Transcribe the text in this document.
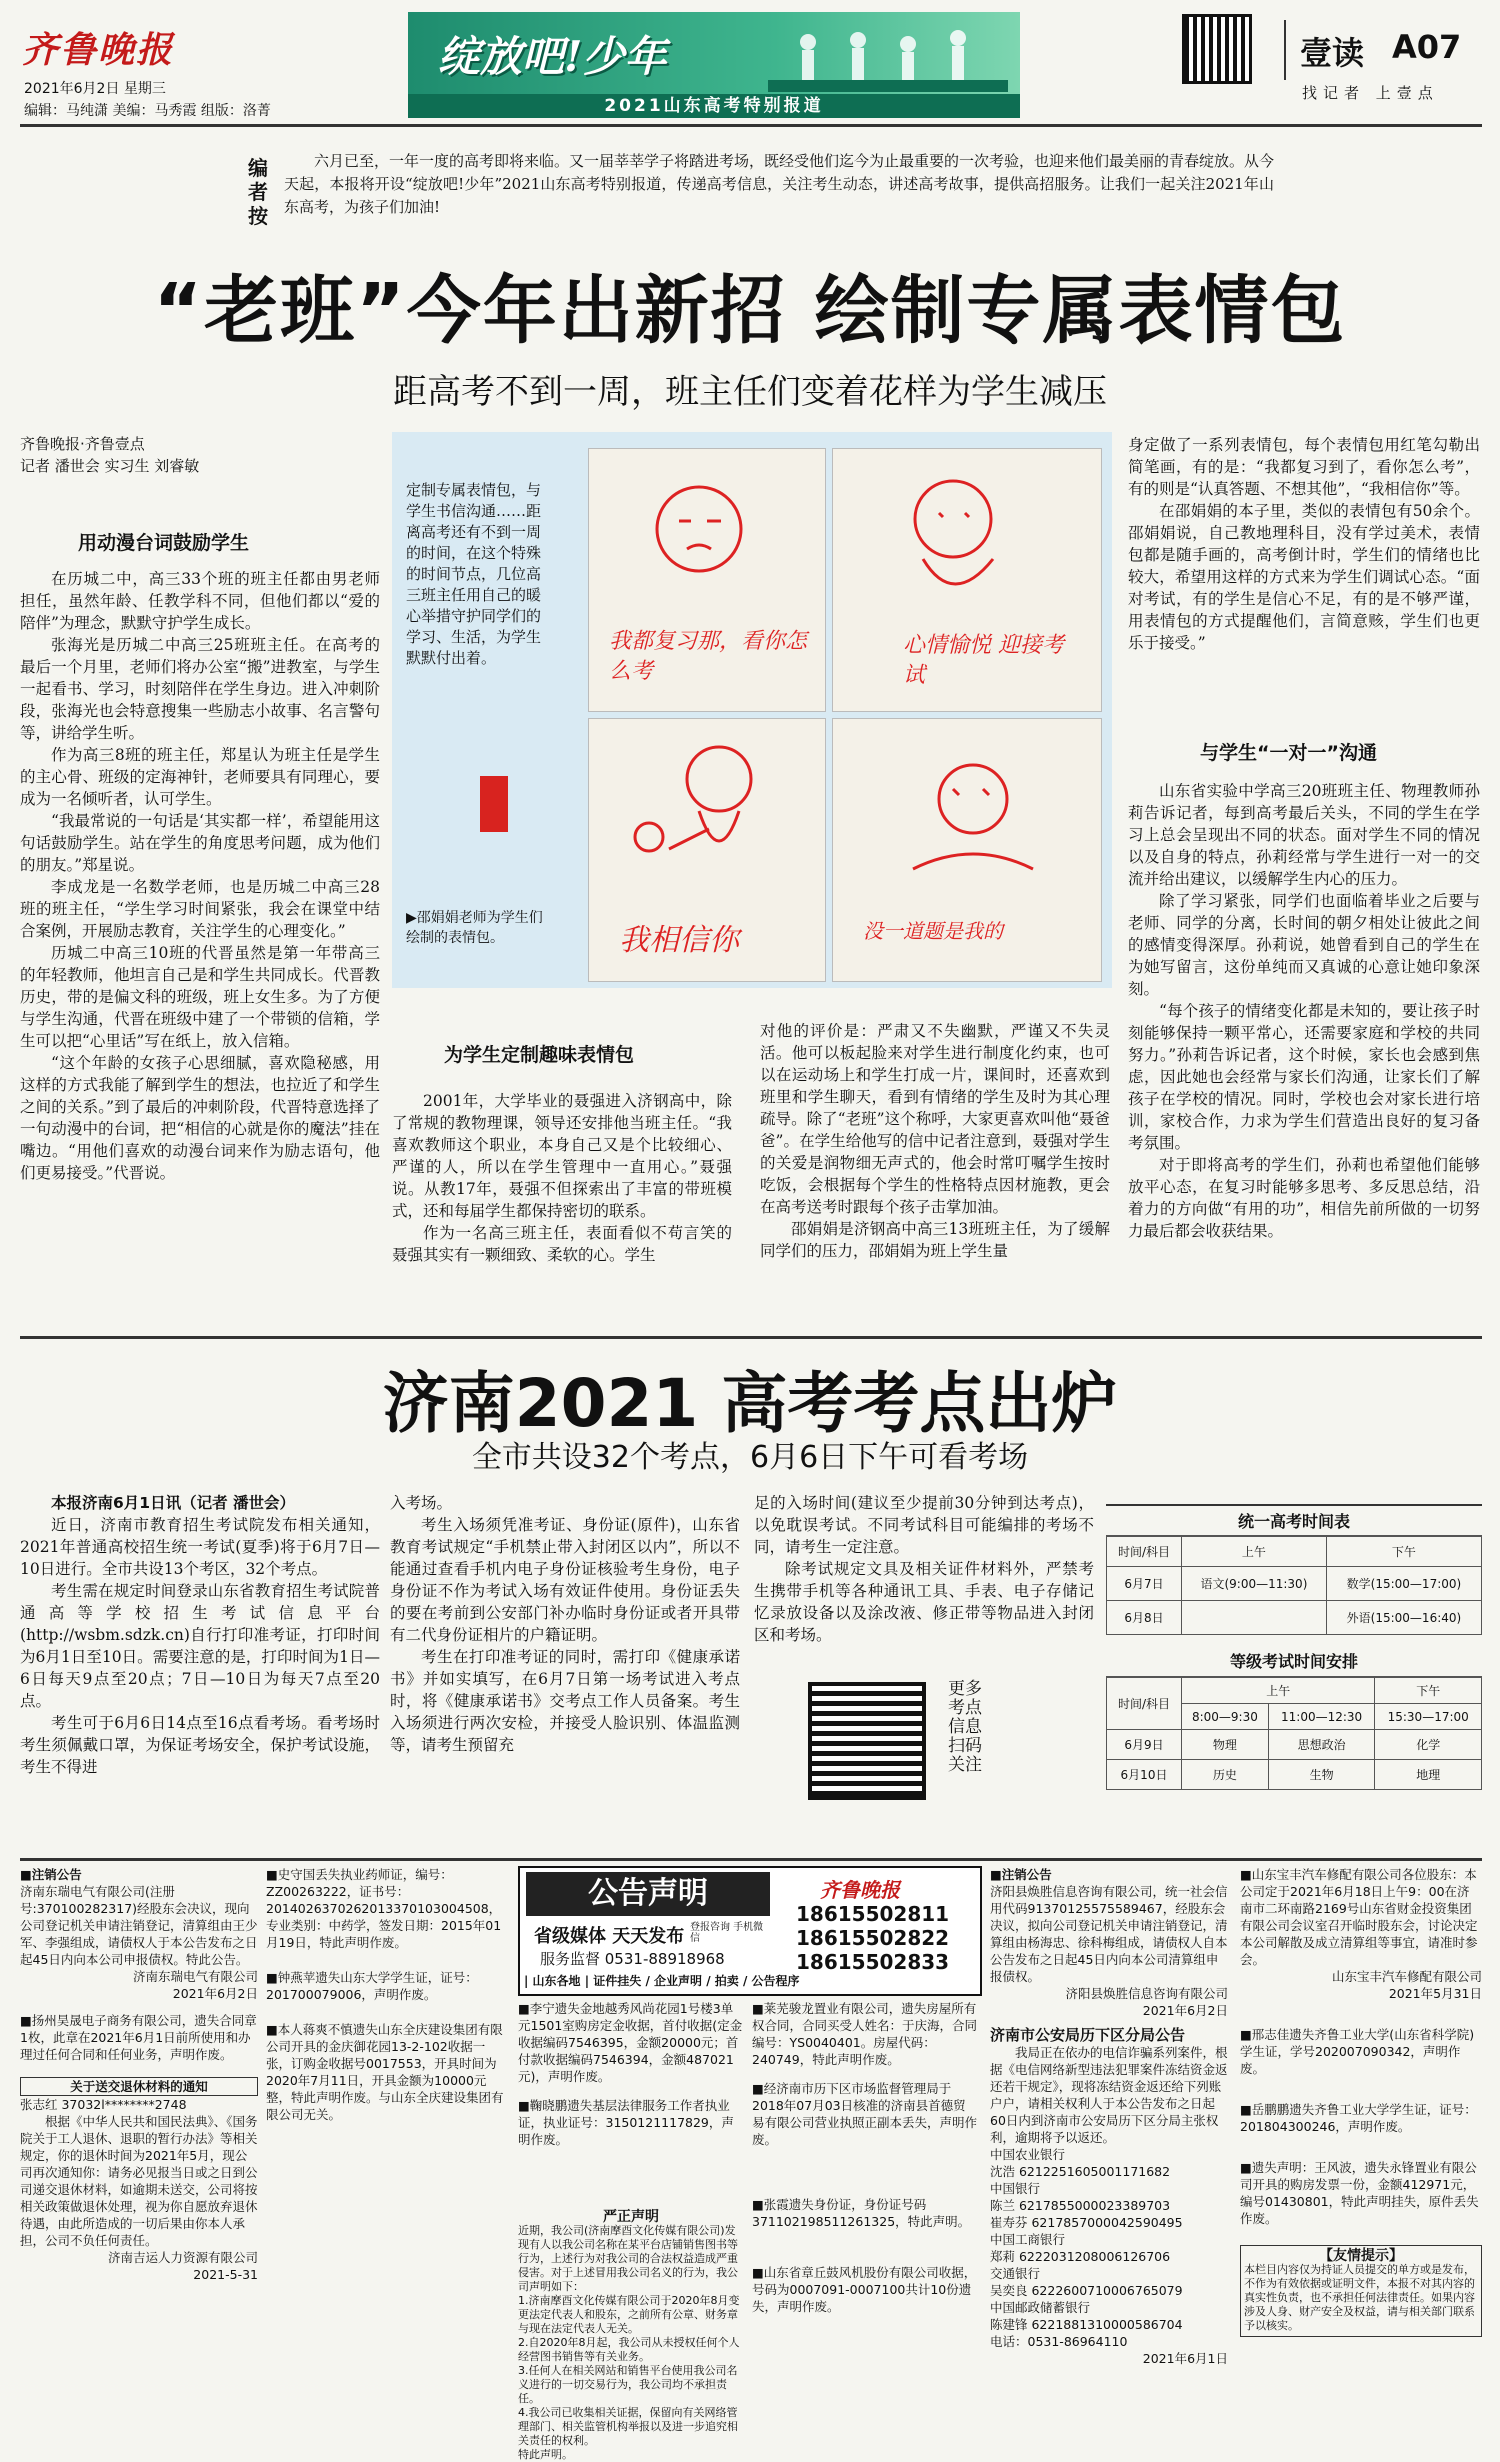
齐鲁晚报
2021年6月2日 星期三
编辑：马纯潇 美编：马秀霞 组版：洛菁
绽放吧!少年
2021山东高考特别报道
壹读 A07
找记者 上壹点
编者按
六月已至，一年一度的高考即将来临。又一届莘莘学子将踏进考场，既经受他们迄今为止最重要的一次考验，也迎来他们最美丽的青春绽放。从今天起，本报将开设“绽放吧!少年”2021山东高考特别报道，传递高考信息，关注考生动态，讲述高考故事，提供高招服务。让我们一起关注2021年山东高考，为孩子们加油!
“老班”今年出新招 绘制专属表情包
距高考不到一周，班主任们变着花样为学生减压
齐鲁晚报·齐鲁壹点
记者 潘世会 实习生 刘睿敏
用动漫台词鼓励学生

在历城二中，高三33个班的班主任都由男老师担任，虽然年龄、任教学科不同，但他们都以“爱的陪伴”为理念，默默守护学生成长。

张海光是历城二中高三25班班主任。在高考的最后一个月里，老师们将办公室“搬”进教室，与学生一起看书、学习，时刻陪伴在学生身边。进入冲刺阶段，张海光也会特意搜集一些励志小故事、名言警句等，讲给学生听。

作为高三8班的班主任，郑星认为班主任是学生的主心骨、班级的定海神针，老师要具有同理心，要成为一名倾听者，认可学生。

“我最常说的一句话是‘其实都一样’，希望能用这句话鼓励学生。站在学生的角度思考问题，成为他们的朋友。”郑星说。

李成龙是一名数学老师，也是历城二中高三28班的班主任，“学生学习时间紧张，我会在课堂中结合案例，开展励志教育，关注学生的心理变化。”

历城二中高三10班的代晋虽然是第一年带高三的年轻教师，他坦言自己是和学生共同成长。代晋教历史，带的是偏文科的班级，班上女生多。为了方便与学生沟通，代晋在班级中建了一个带锁的信箱，学生可以把“心里话”写在纸上，放入信箱。

“这个年龄的女孩子心思细腻，喜欢隐秘感，用这样的方式我能了解到学生的想法，也拉近了和学生之间的关系。”到了最后的冲刺阶段，代晋特意选择了一句动漫中的台词，把“相信的心就是你的魔法”挂在嘴边。“用他们喜欢的动漫台词来作为励志语句，他们更易接受。”代晋说。

定制专属表情包，与学生书信沟通……距离高考还有不到一周的时间，在这个特殊的时间节点，几位高三班主任用自己的暖心举措守护同学们的学习、生活，为学生默默付出着。
▶邵娟娟老师为学生们绘制的表情包。
我都复习那，看你怎么考
心情愉悦 迎接考试
我相信你	没一道题是我的
为学生定制趣味表情包

2001年，大学毕业的聂强进入济钢高中，除了常规的教物理课，领导还安排他当班主任。“我喜欢教师这个职业，本身自己又是个比较细心、严谨的人，所以在学生管理中一直用心。”聂强说。从教17年，聂强不但探索出了丰富的带班模式，还和每届学生都保持密切的联系。

作为一名高三班主任，表面看似不苟言笑的聂强其实有一颗细致、柔软的心。学生

对他的评价是：严肃又不失幽默，严谨又不失灵活。他可以板起脸来对学生进行制度化约束，也可以在运动场上和学生打成一片，课间时，还喜欢到班里和学生聊天，看到有情绪的学生及时为其心理疏导。除了“老班”这个称呼，大家更喜欢叫他“聂爸爸”。在学生给他写的信中记者注意到，聂强对学生的关爱是润物细无声式的，他会时常叮嘱学生按时吃饭，会根据每个学生的性格特点因材施教，更会在高考送考时跟每个孩子击掌加油。

邵娟娟是济钢高中高三13班班主任，为了缓解同学们的压力，邵娟娟为班上学生量

身定做了一系列表情包，每个表情包用红笔勾勒出简笔画，有的是：“我都复习到了，看你怎么考”，有的则是“认真答题、不想其他”，“我相信你”等。

在邵娟娟的本子里，类似的表情包有50余个。邵娟娟说，自己教地理科目，没有学过美术，表情包都是随手画的，高考倒计时，学生们的情绪也比较大，希望用这样的方式来为学生们调试心态。“面对考试，有的学生是信心不足，有的是不够严谨，用表情包的方式提醒他们，言简意赅，学生们也更乐于接受。”

与学生“一对一”沟通

山东省实验中学高三20班班主任、物理教师孙莉告诉记者，每到高考最后关头，不同的学生在学习上总会呈现出不同的状态。面对学生不同的情况以及自身的特点，孙莉经常与学生进行一对一的交流并给出建议，以缓解学生内心的压力。

除了学习紧张，同学们也面临着毕业之后要与老师、同学的分离，长时间的朝夕相处让彼此之间的感情变得深厚。孙莉说，她曾看到自己的学生在为她写留言，这份单纯而又真诚的心意让她印象深刻。

“每个孩子的情绪变化都是未知的，要让孩子时刻能够保持一颗平常心，还需要家庭和学校的共同努力。”孙莉告诉记者，这个时候，家长也会感到焦虑，因此她也会经常与家长们沟通，让家长们了解孩子在学校的情况。同时，学校也会对家长进行培训，家校合作，力求为学生们营造出良好的复习备考氛围。

对于即将高考的学生们，孙莉也希望他们能够放平心态，在复习时能够多思考、多反思总结，沿着力的方向做“有用的功”，相信先前所做的一切努力最后都会收获结果。

济南2021 高考考点出炉
全市共设32个考点，6月6日下午可看考场
本报济南6月1日讯（记者 潘世会）

近日，济南市教育招生考试院发布相关通知，2021年普通高校招生统一考试(夏季)将于6月7日—10日进行。全市共设13个考区，32个考点。

考生需在规定时间登录山东省教育招生考试院普通高等学校招生考试信息平台(http://wsbm.sdzk.cn)自行打印准考证，打印时间为6月1日至10日。需要注意的是，打印时间为1日—6日每天9点至20点；7日—10日为每天7点至20点。

考生可于6月6日14点至16点看考场。看考场时考生须佩戴口罩，为保证考场安全，保护考试设施，考生不得进

入考场。

考生入场须凭准考证、身份证(原件)，山东省教育考试规定“手机禁止带入封闭区以内”，所以不能通过查看手机内电子身份证核验考生身份，电子身份证不作为考试入场有效证件使用。身份证丢失的要在考前到公安部门补办临时身份证或者开具带有二代身份证相片的户籍证明。

考生在打印准考证的同时，需打印《健康承诺书》并如实填写，在6月7日第一场考试进入考点时，将《健康承诺书》交考点工作人员备案。考生入场须进行两次安检，并接受人脸识别、体温监测等，请考生预留充

足的入场时间(建议至少提前30分钟到达考点)，以免耽误考试。不同考试科目可能编排的考场不同，请考生一定注意。

除考试规定文具及相关证件材料外，严禁考生携带手机等各种通讯工具、手表、电子存储记忆录放设备以及涂改液、修正带等物品进入封闭区和考场。

更多考点信息扫码关注
统一高考时间表
时间/科目	上午	下午
6月7日	语文(9:00—11:30)	数学(15:00—17:00)
6月8日		外语(15:00—16:40)
等级考试时间安排
时间/科目	上午		下午
	8:00—9:30	11:00—12:30	15:30—17:00
6月9日	物理	思想政治	化学
6月10日	历史	生物	地理
■注销公告
济南东瑞电气有限公司(注册号:370100282317)经股东会决议，现向公司登记机关申请注销登记，清算组由王少军、李强组成，请债权人于本公告发布之日起45日内向本公司申报债权。特此公告。
济南东瑞电气有限公司
2021年6月2日
■扬州昊晟电子商务有限公司，遗失合同章1枚，此章在2021年6月1日前所使用和办理过任何合同和任何业务，声明作废。
关于送交退休材料的通知
张志红 37032l********2748
根据《中华人民共和国民法典》、《国务院关于工人退休、退职的暂行办法》等相关规定，你的退休时间为2021年5月，现公司再次通知你：请务必见报当日或之日到公司递交退休材料，如逾期未送交，公司将按相关政策做退休处理，视为你自愿放弃退休待遇，由此所造成的一切后果由你本人承担，公司不负任何责任。
济南吉运人力资源有限公司
2021-5-31
■史守国丢失执业药师证，编号：ZZ00263222，证书号：2014026370262013370103004508，专业类别：中药学，签发日期：2015年01月19日，特此声明作废。
■钟燕苹遗失山东大学学生证，证号：201700079006，声明作废。
■本人蒋爽不慎遗失山东全庆建设集团有限公司开具的金庆御花园13-2-102收据一张，订购金收据号0017553，开具时间为2020年7月11日，开具金额为10000元整，特此声明作废。与山东全庆建设集团有限公司无关。
公告声明
省级媒体 天天发布 登报咨询 手机微信
服务监督 0531-88918968
| 山东各地 | 证件挂失 / 企业声明 / 拍卖 / 公告程序
齐鲁晚报
18615502811
18615502822
18615502833
■李宁遗失金地越秀风尚花园1号楼3单元1501室购房定金收据，首付收据(定金收据编码7546395，金额20000元；首付款收据编码7546394，金额487021元)，声明作废。
■鞠晓鹏遗失基层法律服务工作者执业证，执业证号：3150121117829，声明作废。
■莱芜骏龙置业有限公司，遗失房屋所有权合同，合同买受人姓名：于庆海，合同编号：YS0040401。房屋代码：240749，特此声明作废。
■经济南市历下区市场监督管理局于2018年07月03日核准的济南县首德贸易有限公司营业执照正副本丢失，声明作废。
■张霞遗失身份证，身份证号码371102198511261325，特此声明。
■山东省章丘鼓风机股份有限公司收据，号码为0007091-0007100共计10份遗失，声明作废。
严正声明
近期，我公司(济南摩酉文化传媒有限公司)发现有人以我公司名称在某平台店铺销售图书等行为，上述行为对我公司的合法权益造成严重侵害。对于上述冒用我公司名义的行为，我公司声明如下：
1.济南摩酉文化传媒有限公司于2020年8月变更法定代表人和股东，之前所有公章、财务章与现在法定代表人无关。
2.自2020年8月起，我公司从未授权任何个人经营图书销售等有关业务。
3.任何人在相关网站和销售平台使用我公司名义进行的一切交易行为，我公司均不承担责任。
4.我公司已收集相关证据，保留向有关网络管理部门、相关监管机构举报以及进一步追究相关责任的权利。
特此声明。
■注销公告
济阳县焕胜信息咨询有限公司，统一社会信用代码91370125575589467，经股东会决议，拟向公司登记机关申请注销登记，清算组由杨海忠、徐科梅组成，请债权人自本公告发布之日起45日内向本公司清算组申报债权。
济阳县焕胜信息咨询有限公司
2021年6月2日
济南市公安局历下区分局公告
我局正在依办的电信诈骗系列案件，根据《电信网络新型违法犯罪案件冻结资金返还若干规定》，现将冻结资金返还给下列账户户，请相关权利人于本公告发布之日起60日内到济南市公安局历下区分局主张权利，逾期将予以返还。
中国农业银行
沈浩 6212251605001171682
中国银行
陈兰 6217855000023389703
崔寿芬 6217857000042590495
中国工商银行
郑莉 6222031208006126706
交通银行
吴奕良 6222600710006765079
中国邮政储蓄银行
陈建锋 6221881310000586704
电话：0531-86964110
2021年6月1日
■山东宝丰汽车修配有限公司各位股东：本公司定于2021年6月18日上午9：00在济南市二环南路2169号山东省财金投资集团有限公司会议室召开临时股东会，讨论决定本公司解散及成立清算组等事宜，请准时参会。
山东宝丰汽车修配有限公司
2021年5月31日
■邢志佳遗失齐鲁工业大学(山东省科学院)学生证，学号202007090342，声明作废。
■岳鹏鹏遗失齐鲁工业大学学生证，证号：201804300246，声明作废。
■遗失声明：王风波，遗失永锋置业有限公司开具的购房发票一份，金额412971元，编号01430801，特此声明挂失，原件丢失作废。
【友情提示】
本栏目内容仅为持证人员提交的单方或是发布，不作为有效依据或证明文件，本报不对其内容的真实性负责，也不承担任何法律责任。如果内容涉及人身、财产安全及权益，请与相关部门联系予以核实。
